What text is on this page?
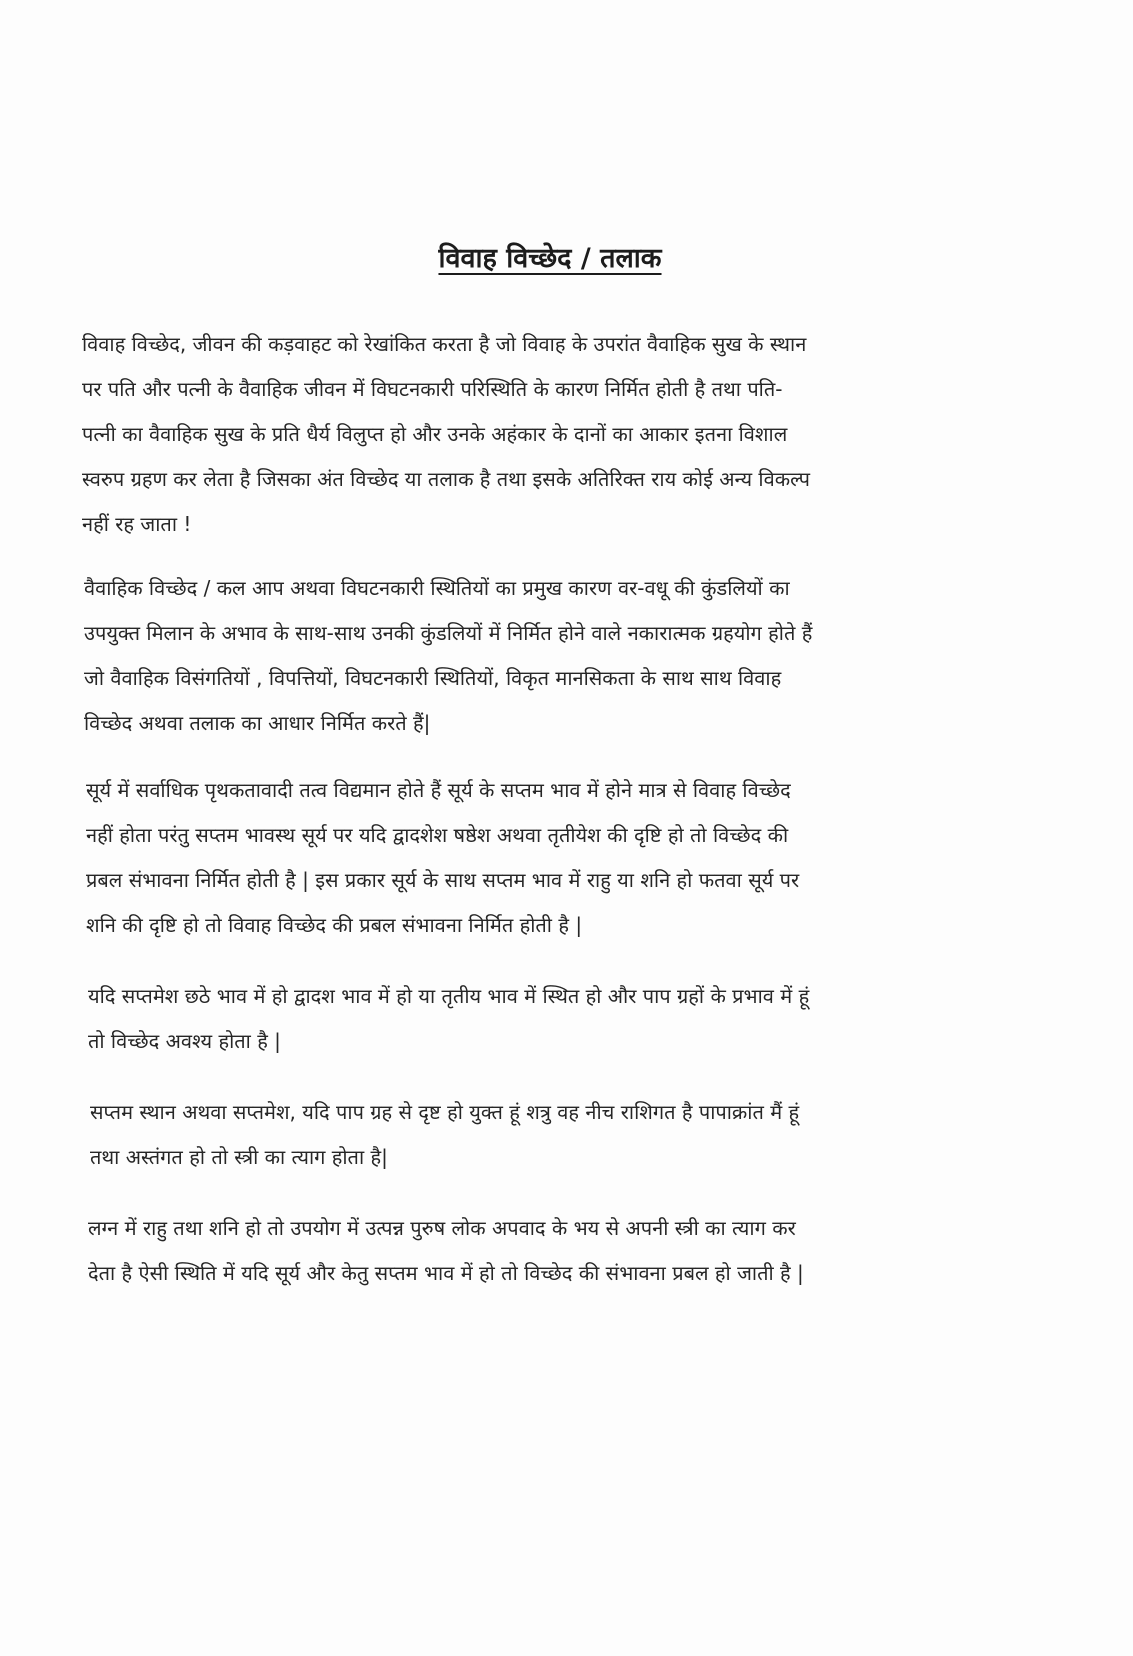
विवाह विच्छेद / तलाक

विवाह विच्छेद, जीवन की कड़वाहट को रेखांकित करता है जो विवाह के उपरांत वैवाहिक सुख के स्थान
पर पति और पत्नी के वैवाहिक जीवन में विघटनकारी परिस्थिति के कारण निर्मित होती है तथा पति-
पत्नी का वैवाहिक सुख के प्रति धैर्य विलुप्त हो और उनके अहंकार के दानों का आकार इतना विशाल
स्वरुप ग्रहण कर लेता है जिसका अंत विच्छेद या तलाक है तथा इसके अतिरिक्त राय कोई अन्य विकल्प
नहीं रह जाता !

वैवाहिक विच्छेद / कल आप अथवा विघटनकारी स्थितियों का प्रमुख कारण वर-वधू की कुंडलियों का
उपयुक्त मिलान के अभाव के साथ-साथ उनकी कुंडलियों में निर्मित होने वाले नकारात्मक ग्रहयोग होते हैं
जो वैवाहिक विसंगतियों , विपत्तियों, विघटनकारी स्थितियों, विकृत मानसिकता के साथ साथ विवाह
विच्छेद अथवा तलाक का आधार निर्मित करते हैं|

सूर्य में सर्वाधिक पृथकतावादी तत्व विद्यमान होते हैं सूर्य के सप्तम भाव में होने मात्र से विवाह विच्छेद
नहीं होता परंतु सप्तम भावस्थ सूर्य पर यदि द्वादशेश षष्ठेश अथवा तृतीयेश की दृष्टि हो तो विच्छेद की
प्रबल संभावना निर्मित होती है | इस प्रकार सूर्य के साथ सप्तम भाव में राहु या शनि हो फतवा सूर्य पर
शनि की दृष्टि हो तो विवाह विच्छेद की प्रबल संभावना निर्मित होती है |

यदि सप्तमेश छठे भाव में हो द्वादश भाव में हो या तृतीय भाव में स्थित हो और पाप ग्रहों के प्रभाव में हूं
तो विच्छेद अवश्य होता है |

सप्तम स्थान अथवा सप्तमेश, यदि पाप ग्रह से दृष्ट हो युक्त हूं शत्रु वह नीच राशिगत है पापाक्रांत मैं हूं
तथा अस्तंगत हो तो स्त्री का त्याग होता है|

लग्न में राहु तथा शनि हो तो उपयोग में उत्पन्न पुरुष लोक अपवाद के भय से अपनी स्त्री का त्याग कर
देता है ऐसी स्थिति में यदि सूर्य और केतु सप्तम भाव में हो तो विच्छेद की संभावना प्रबल हो जाती है |
